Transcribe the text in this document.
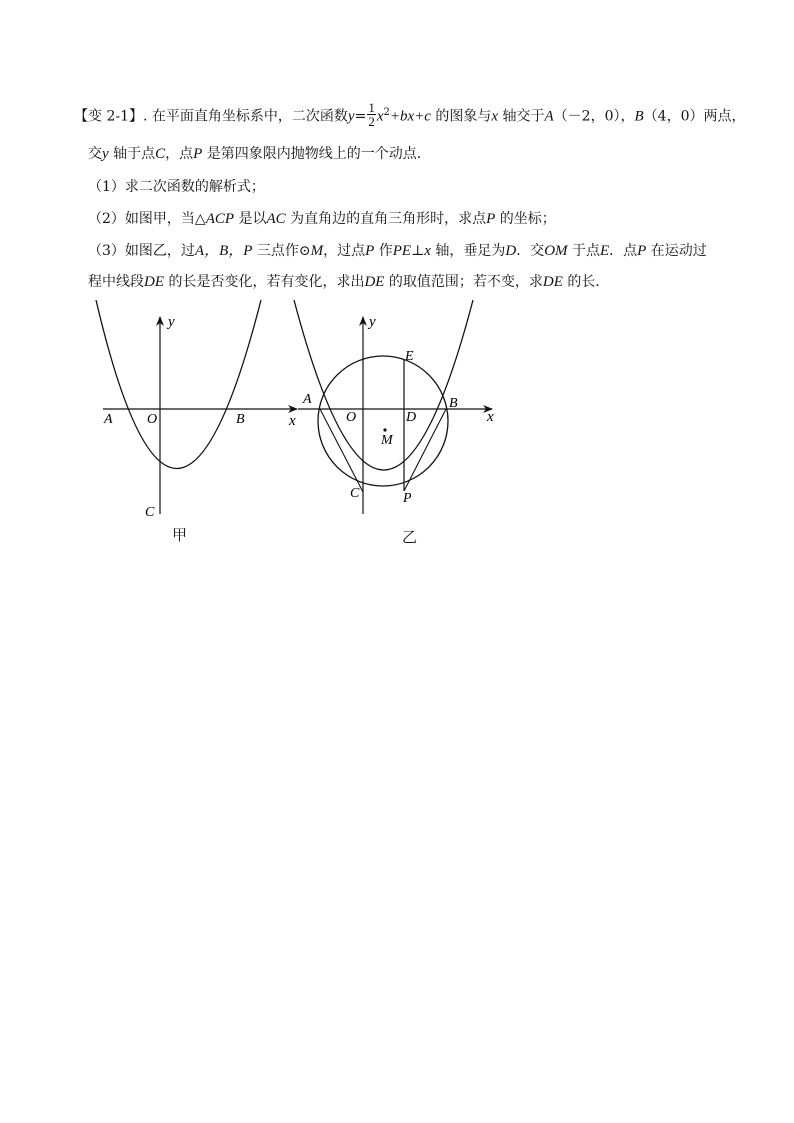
【变 2-1】. 在平面直角坐标系中，二次函数$y= \frac{1}{2} x^2+bx+c$ 的图象与x 轴交于A（－2，0），B（4，0）两点，
交y 轴于点C，点P 是第四象限内抛物线上的一个动点．
（1）求二次函数的解析式；
（2）如图甲，当△ACP 是以AC 为直角边的直角三角形时，求点P 的坐标；
（3）如图乙，过A，B，P 三点作⊙M，过点P 作PE⊥x 轴，垂足为D．交OM 于点E．点P 在运动过
程中线段DE 的长是否变化，若有变化，求出DE 的取值范围；若不变，求DE 的长．
y
x
A O	B
C
y
x
A
O	D
B
E
M
C	P
甲	乙
